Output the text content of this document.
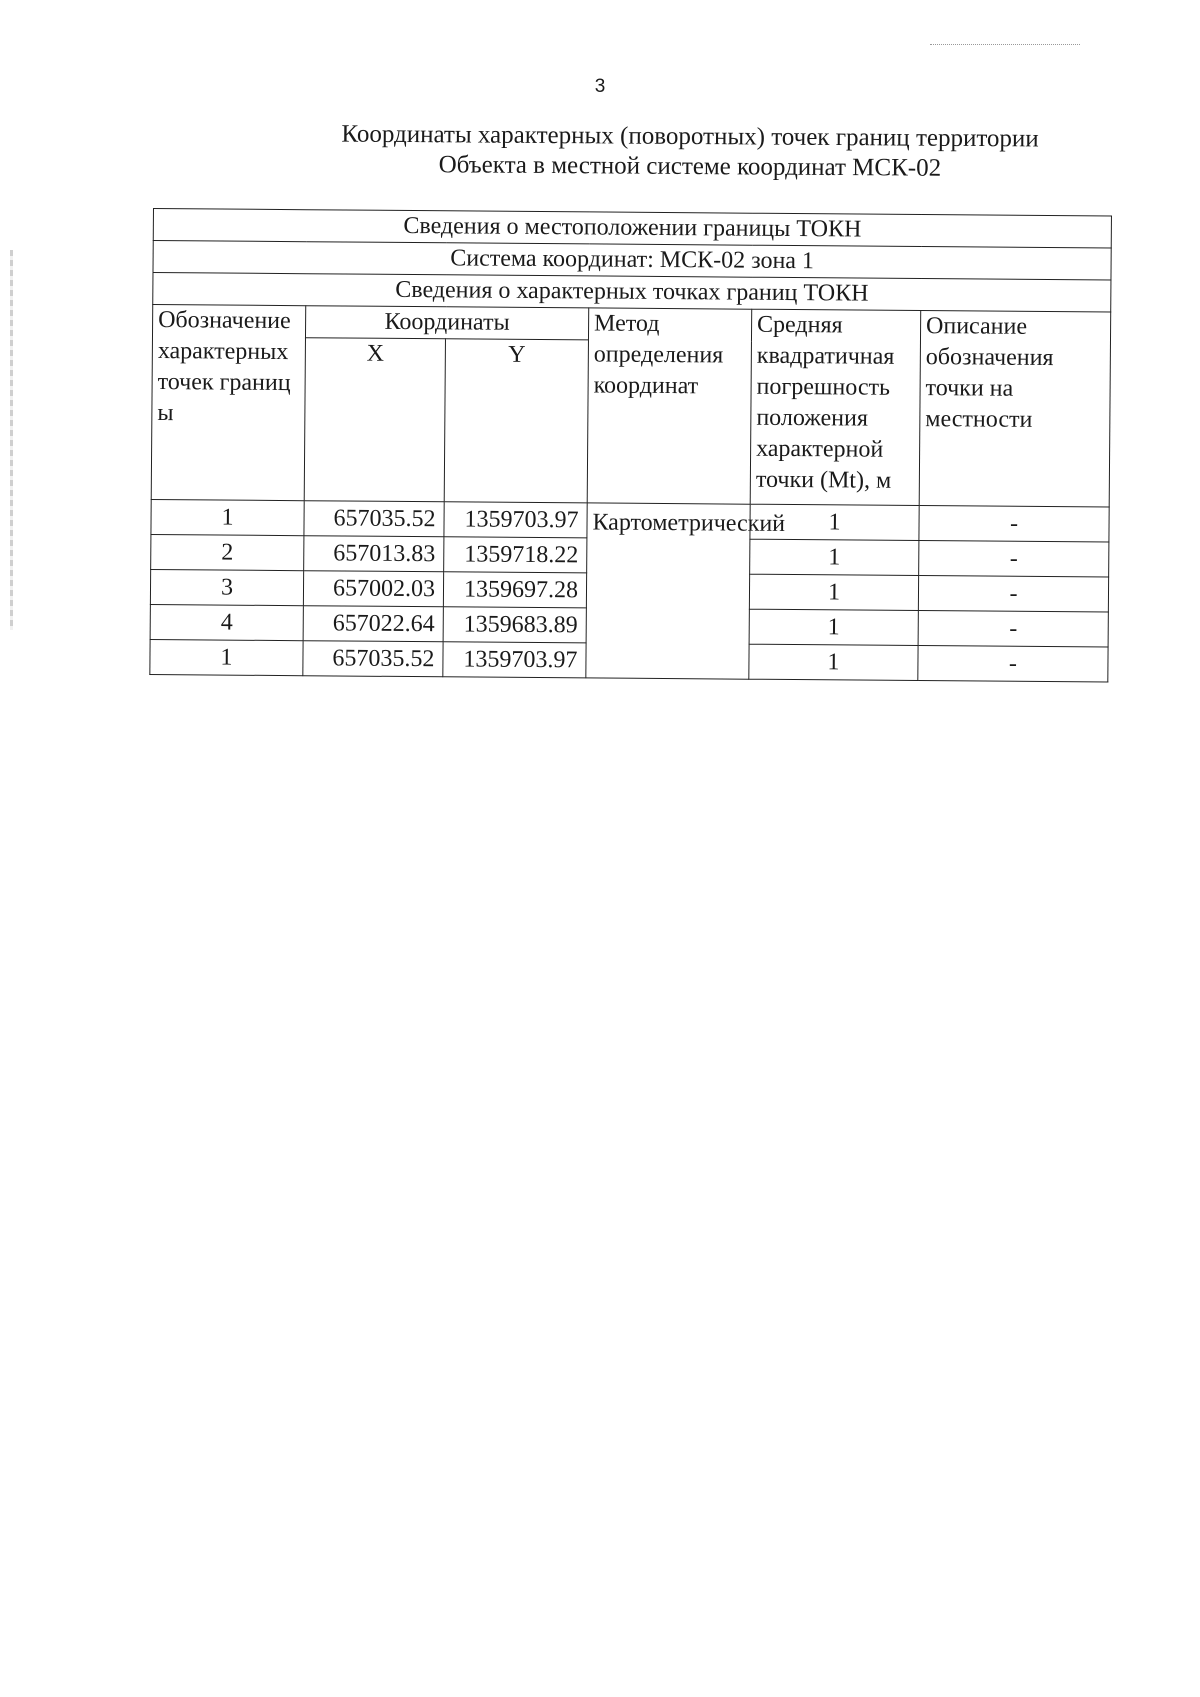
3
Координаты характерных (поворотных) точек границ территории
Объекта в местной системе координат МСК-02
Сведения о местоположении границы ТОКН					
Система координат: МСК-02 зона 1					
Сведения о характерных точках границ ТОКН					
Обозначение характерных точек границы	Координаты		Метод определения координат	Средняя квадратичная погрешность положения характерной точки (Mt), м	Описание обозначения точки на местности
	X	Y			
1	657035.52	1359703.97	Картометрический	1	-
2	657013.83	1359718.22		1	-
3	657002.03	1359697.28		1	-
4	657022.64	1359683.89		1	-
1	657035.52	1359703.97		1	-
